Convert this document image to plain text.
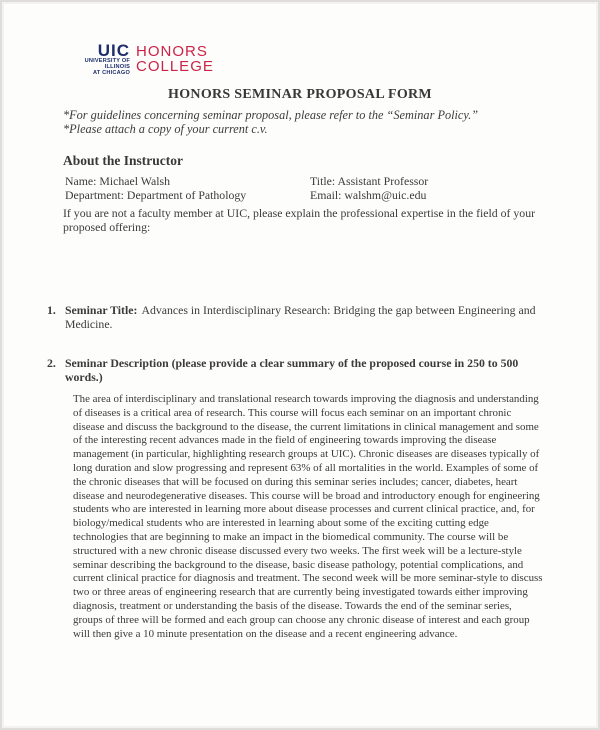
UIC
UNIVERSITY OF ILLINOIS
AT CHICAGO
HONORS
COLLEGE
HONORS SEMINAR PROPOSAL FORM
*For guidelines concerning seminar proposal, please refer to the “Seminar Policy.”
*Please attach a copy of your current c.v.
About the Instructor
Name: Michael Walsh
Department: Department of Pathology
Title: Assistant Professor
Email: walshm@uic.edu
If you are not a faculty member at UIC, please explain the professional expertise in the field of your proposed offering:
1. Seminar Title: Advances in Interdisciplinary Research: Bridging the gap between Engineering and Medicine.
2. Seminar Description (please provide a clear summary of the proposed course in 250 to 500 words.)
The area of interdisciplinary and translational research towards improving the diagnosis and understanding of diseases is a critical area of research. This course will focus each seminar on an important chronic disease and discuss the background to the disease, the current limitations in clinical management and some of the interesting recent advances made in the field of engineering towards improving the disease management (in particular, highlighting research groups at UIC). Chronic diseases are diseases typically of long duration and slow progressing and represent 63% of all mortalities in the world. Examples of some of the chronic diseases that will be focused on during this seminar series includes; cancer, diabetes, heart disease and neurodegenerative diseases. This course will be broad and introductory enough for engineering students who are interested in learning more about disease processes and current clinical practice, and, for biology/medical students who are interested in learning about some of the exciting cutting edge technologies that are beginning to make an impact in the biomedical community. The course will be structured with a new chronic disease discussed every two weeks. The first week will be a lecture-style seminar describing the background to the disease, basic disease pathology, potential complications, and current clinical practice for diagnosis and treatment. The second week will be more seminar-style to discuss two or three areas of engineering research that are currently being investigated towards either improving diagnosis, treatment or understanding the basis of the disease. Towards the end of the seminar series, groups of three will be formed and each group can choose any chronic disease of interest and each group will then give a 10 minute presentation on the disease and a recent engineering advance.
